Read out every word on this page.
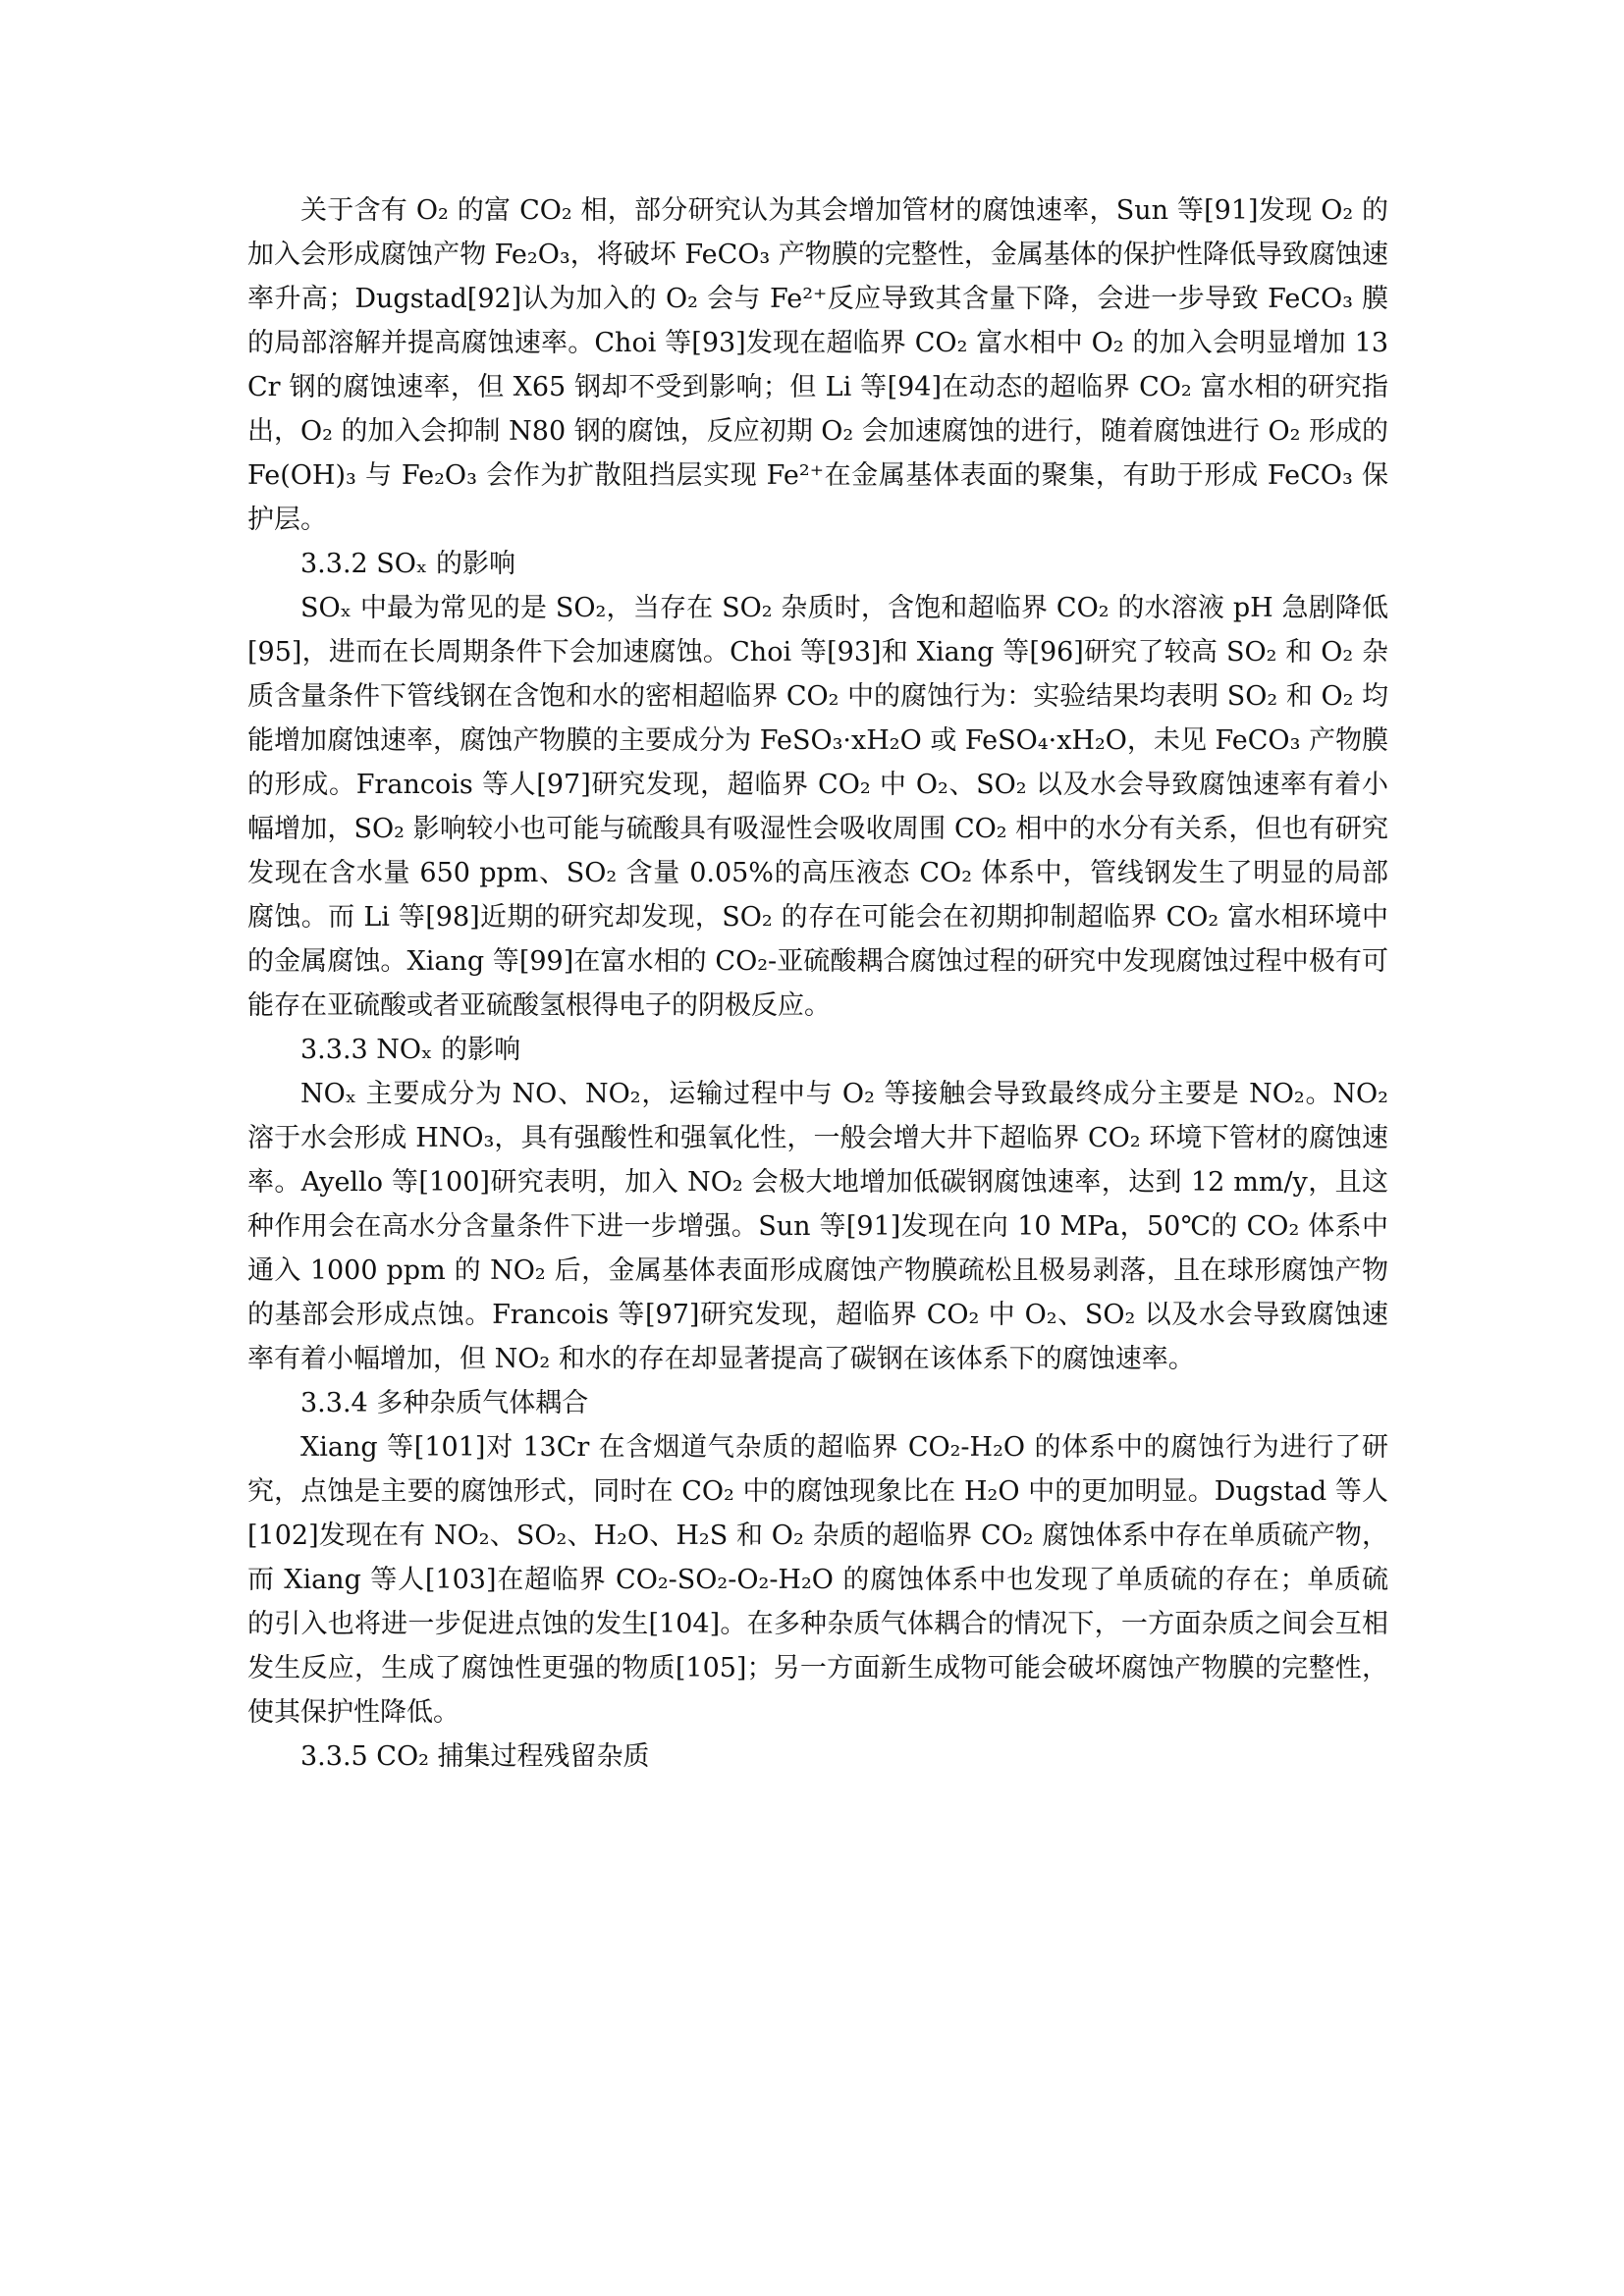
关于含有 O₂ 的富 CO₂ 相，部分研究认为其会增加管材的腐蚀速率，Sun 等[91]发现 O₂ 的加入会形成腐蚀产物 Fe₂O₃，将破坏 FeCO₃ 产物膜的完整性，金属基体的保护性降低导致腐蚀速率升高；Dugstad[92]认为加入的 O₂ 会与 Fe²⁺反应导致其含量下降，会进一步导致 FeCO₃ 膜的局部溶解并提高腐蚀速率。Choi 等[93]发现在超临界 CO₂ 富水相中 O₂ 的加入会明显增加 13Cr 钢的腐蚀速率，但 X65 钢却不受到影响；但 Li 等[94]在动态的超临界 CO₂ 富水相的研究指出，O₂ 的加入会抑制 N80 钢的腐蚀，反应初期 O₂ 会加速腐蚀的进行，随着腐蚀进行 O₂ 形成的 Fe(OH)₃ 与 Fe₂O₃ 会作为扩散阻挡层实现 Fe²⁺在金属基体表面的聚集，有助于形成 FeCO₃ 保护层。

3.3.2 SOₓ 的影响

SOₓ 中最为常见的是 SO₂，当存在 SO₂ 杂质时，含饱和超临界 CO₂ 的水溶液 pH 急剧降低[95]，进而在长周期条件下会加速腐蚀。Choi 等[93]和 Xiang 等[96]研究了较高 SO₂ 和 O₂ 杂质含量条件下管线钢在含饱和水的密相超临界 CO₂ 中的腐蚀行为：实验结果均表明 SO₂ 和 O₂ 均能增加腐蚀速率，腐蚀产物膜的主要成分为 FeSO₃·xH₂O 或 FeSO₄·xH₂O，未见 FeCO₃ 产物膜的形成。Francois 等人[97]研究发现，超临界 CO₂ 中 O₂、SO₂ 以及水会导致腐蚀速率有着小幅增加，SO₂ 影响较小也可能与硫酸具有吸湿性会吸收周围 CO₂ 相中的水分有关系，但也有研究发现在含水量 650 ppm、SO₂ 含量 0.05%的高压液态 CO₂ 体系中，管线钢发生了明显的局部腐蚀。而 Li 等[98]近期的研究却发现，SO₂ 的存在可能会在初期抑制超临界 CO₂ 富水相环境中的金属腐蚀。Xiang 等[99]在富水相的 CO₂-亚硫酸耦合腐蚀过程的研究中发现腐蚀过程中极有可能存在亚硫酸或者亚硫酸氢根得电子的阴极反应。

3.3.3 NOₓ 的影响

NOₓ 主要成分为 NO、NO₂，运输过程中与 O₂ 等接触会导致最终成分主要是 NO₂。NO₂ 溶于水会形成 HNO₃，具有强酸性和强氧化性，一般会增大井下超临界 CO₂ 环境下管材的腐蚀速率。Ayello 等[100]研究表明，加入 NO₂ 会极大地增加低碳钢腐蚀速率，达到 12 mm/y，且这种作用会在高水分含量条件下进一步增强。Sun 等[91]发现在向 10 MPa，50℃的 CO₂ 体系中通入 1000 ppm 的 NO₂ 后，金属基体表面形成腐蚀产物膜疏松且极易剥落，且在球形腐蚀产物的基部会形成点蚀。Francois 等[97]研究发现，超临界 CO₂ 中 O₂、SO₂ 以及水会导致腐蚀速率有着小幅增加，但 NO₂ 和水的存在却显著提高了碳钢在该体系下的腐蚀速率。

3.3.4 多种杂质气体耦合

Xiang 等[101]对 13Cr 在含烟道气杂质的超临界 CO₂-H₂O 的体系中的腐蚀行为进行了研究，点蚀是主要的腐蚀形式，同时在 CO₂ 中的腐蚀现象比在 H₂O 中的更加明显。Dugstad 等人[102]发现在有 NO₂、SO₂、H₂O、H₂S 和 O₂ 杂质的超临界 CO₂ 腐蚀体系中存在单质硫产物，而 Xiang 等人[103]在超临界 CO₂-SO₂-O₂-H₂O 的腐蚀体系中也发现了单质硫的存在；单质硫的引入也将进一步促进点蚀的发生[104]。在多种杂质气体耦合的情况下，一方面杂质之间会互相发生反应，生成了腐蚀性更强的物质[105]；另一方面新生成物可能会破坏腐蚀产物膜的完整性，使其保护性降低。

3.3.5 CO₂ 捕集过程残留杂质
